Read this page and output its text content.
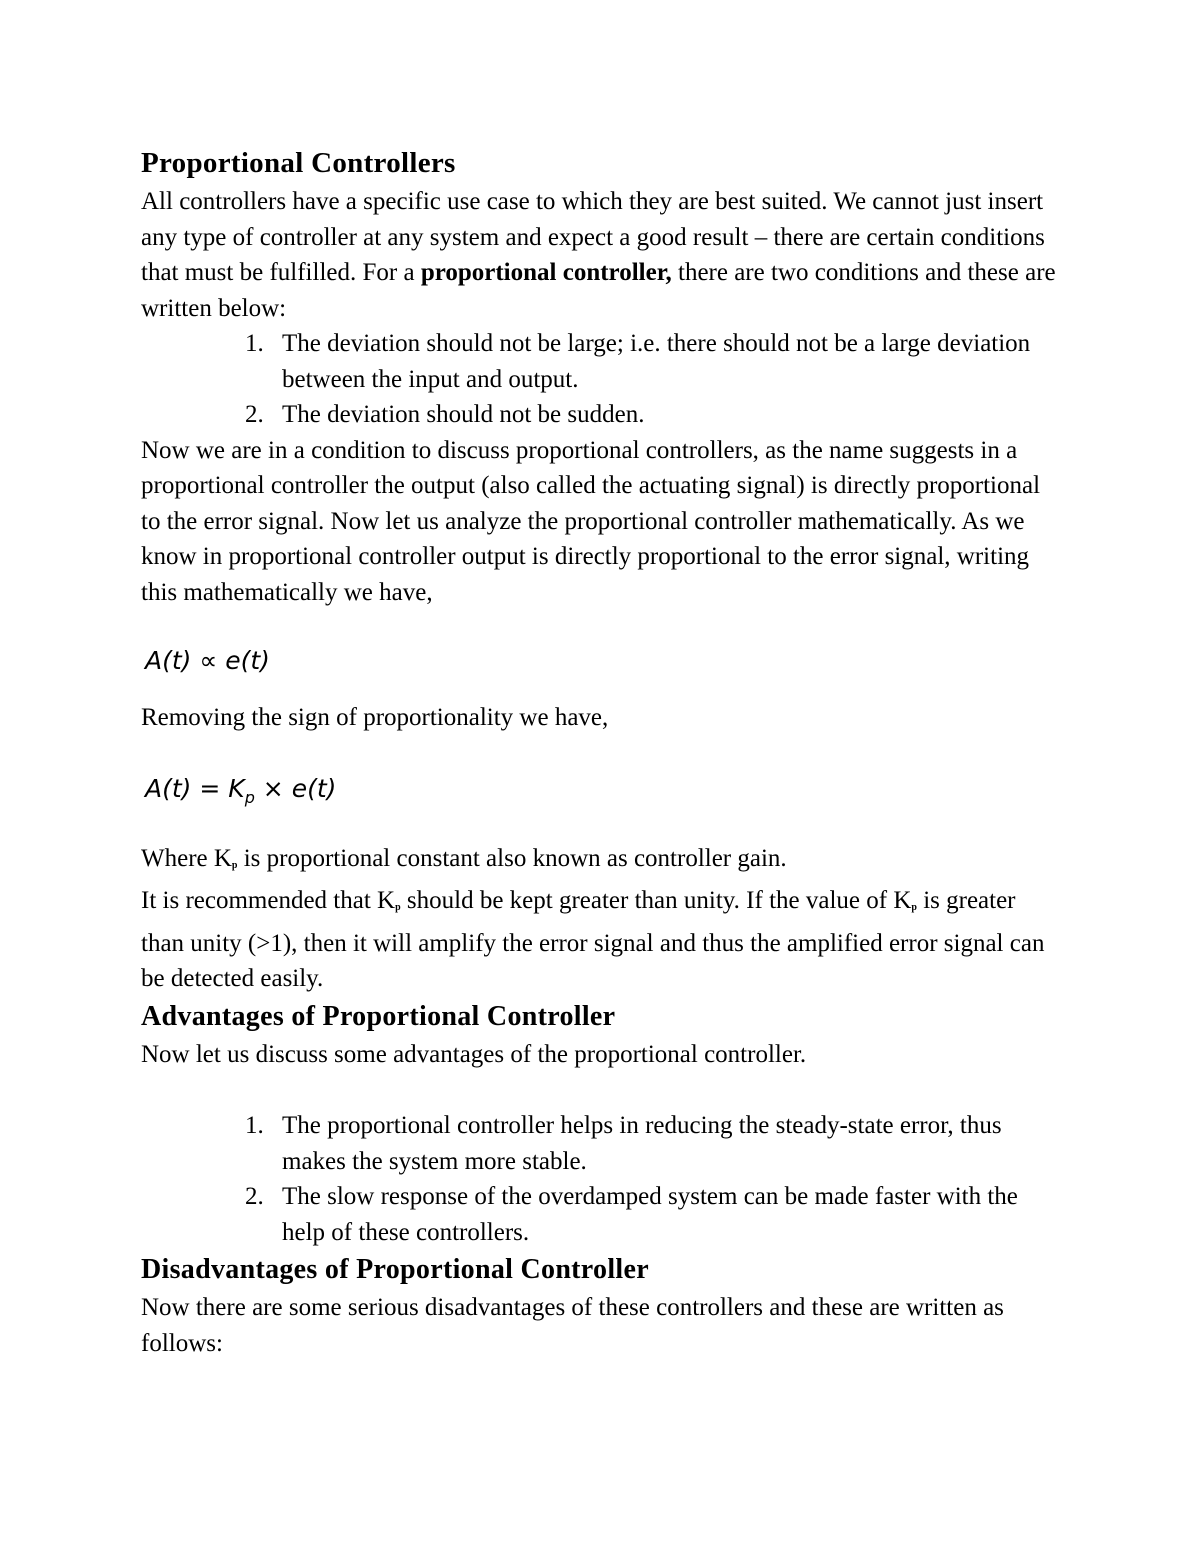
Proportional Controllers

All controllers have a specific use case to which they are best suited. We cannot just insert any type of controller at any system and expect a good result – there are certain conditions that must be fulfilled. For a proportional controller, there are two conditions and these are written below:

1. The deviation should not be large; i.e. there should not be a large deviation between the input and output.
2. The deviation should not be sudden.

Now we are in a condition to discuss proportional controllers, as the name suggests in a proportional controller the output (also called the actuating signal) is directly proportional to the error signal. Now let us analyze the proportional controller mathematically. As we know in proportional controller output is directly proportional to the error signal, writing this mathematically we have,

A(t) ∝ e(t)

Removing the sign of proportionality we have,

$A(t) = K_p \times e(t)$

Where Kp is proportional constant also known as controller gain.

It is recommended that Kp should be kept greater than unity. If the value of Kp is greater than unity (>1), then it will amplify the error signal and thus the amplified error signal can be detected easily.

Advantages of Proportional Controller

Now let us discuss some advantages of the proportional controller.

1. The proportional controller helps in reducing the steady-state error, thus makes the system more stable.
2. The slow response of the overdamped system can be made faster with the help of these controllers.
Disadvantages of Proportional Controller

Now there are some serious disadvantages of these controllers and these are written as follows:
